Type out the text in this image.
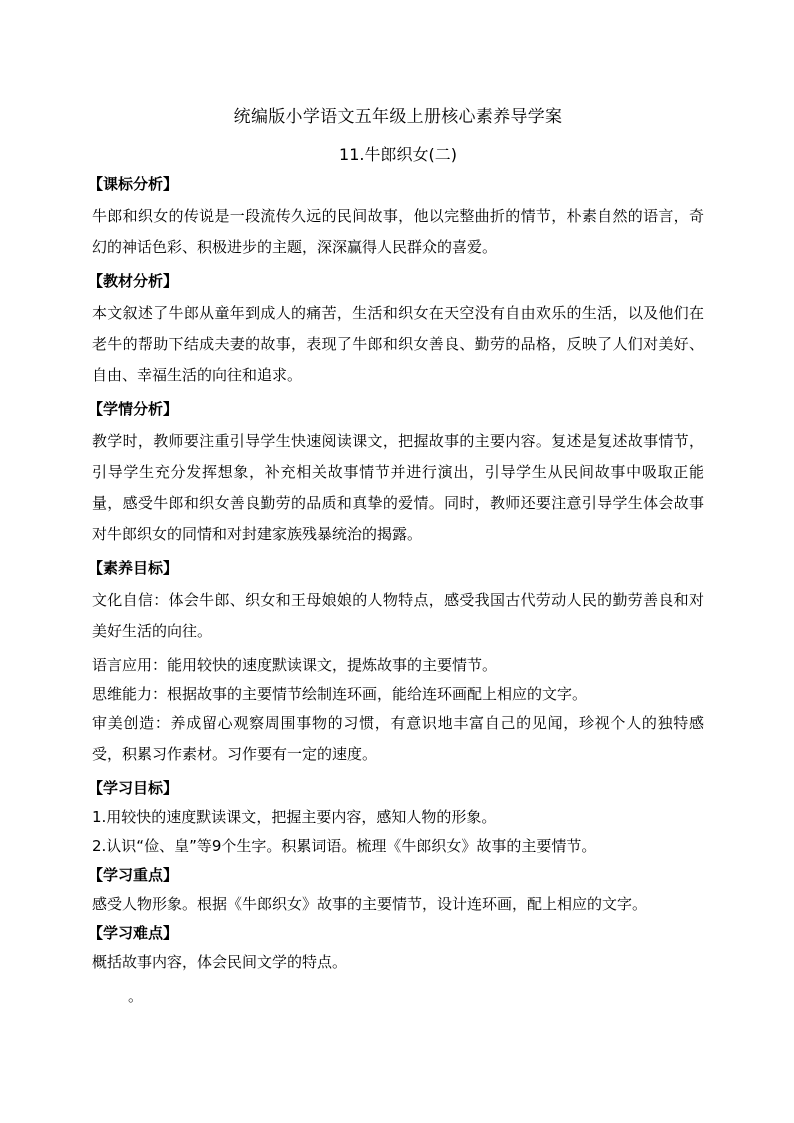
统编版小学语文五年级上册核心素养导学案
11.牛郎织女(二)
【课标分析】

牛郎和织女的传说是一段流传久远的民间故事，他以完整曲折的情节，朴素自然的语言，奇幻的神话色彩、积极进步的主题，深深赢得人民群众的喜爱。

【教材分析】

本文叙述了牛郎从童年到成人的痛苦，生活和织女在天空没有自由欢乐的生活，以及他们在老牛的帮助下结成夫妻的故事，表现了牛郎和织女善良、勤劳的品格，反映了人们对美好、自由、幸福生活的向往和追求。

【学情分析】

教学时，教师要注重引导学生快速阅读课文，把握故事的主要内容。复述是复述故事情节，引导学生充分发挥想象，补充相关故事情节并进行演出，引导学生从民间故事中吸取正能量，感受牛郎和织女善良勤劳的品质和真挚的爱情。同时，教师还要注意引导学生体会故事对牛郎织女的同情和对封建家族残暴统治的揭露。

【素养目标】

文化自信：体会牛郎、织女和王母娘娘的人物特点，感受我国古代劳动人民的勤劳善良和对美好生活的向往。

语言应用：能用较快的速度默读课文，提炼故事的主要情节。

思维能力：根据故事的主要情节绘制连环画，能给连环画配上相应的文字。

审美创造：养成留心观察周围事物的习惯，有意识地丰富自己的见闻，珍视个人的独特感受，积累习作素材。习作要有一定的速度。

【学习目标】

1.用较快的速度默读课文，把握主要内容，感知人物的形象。

2.认识“俭、皇”等9个生字。积累词语。梳理《牛郎织女》故事的主要情节。

【学习重点】

感受人物形象。根据《牛郎织女》故事的主要情节，设计连环画，配上相应的文字。

【学习难点】

概括故事内容，体会民间文学的特点。

。
